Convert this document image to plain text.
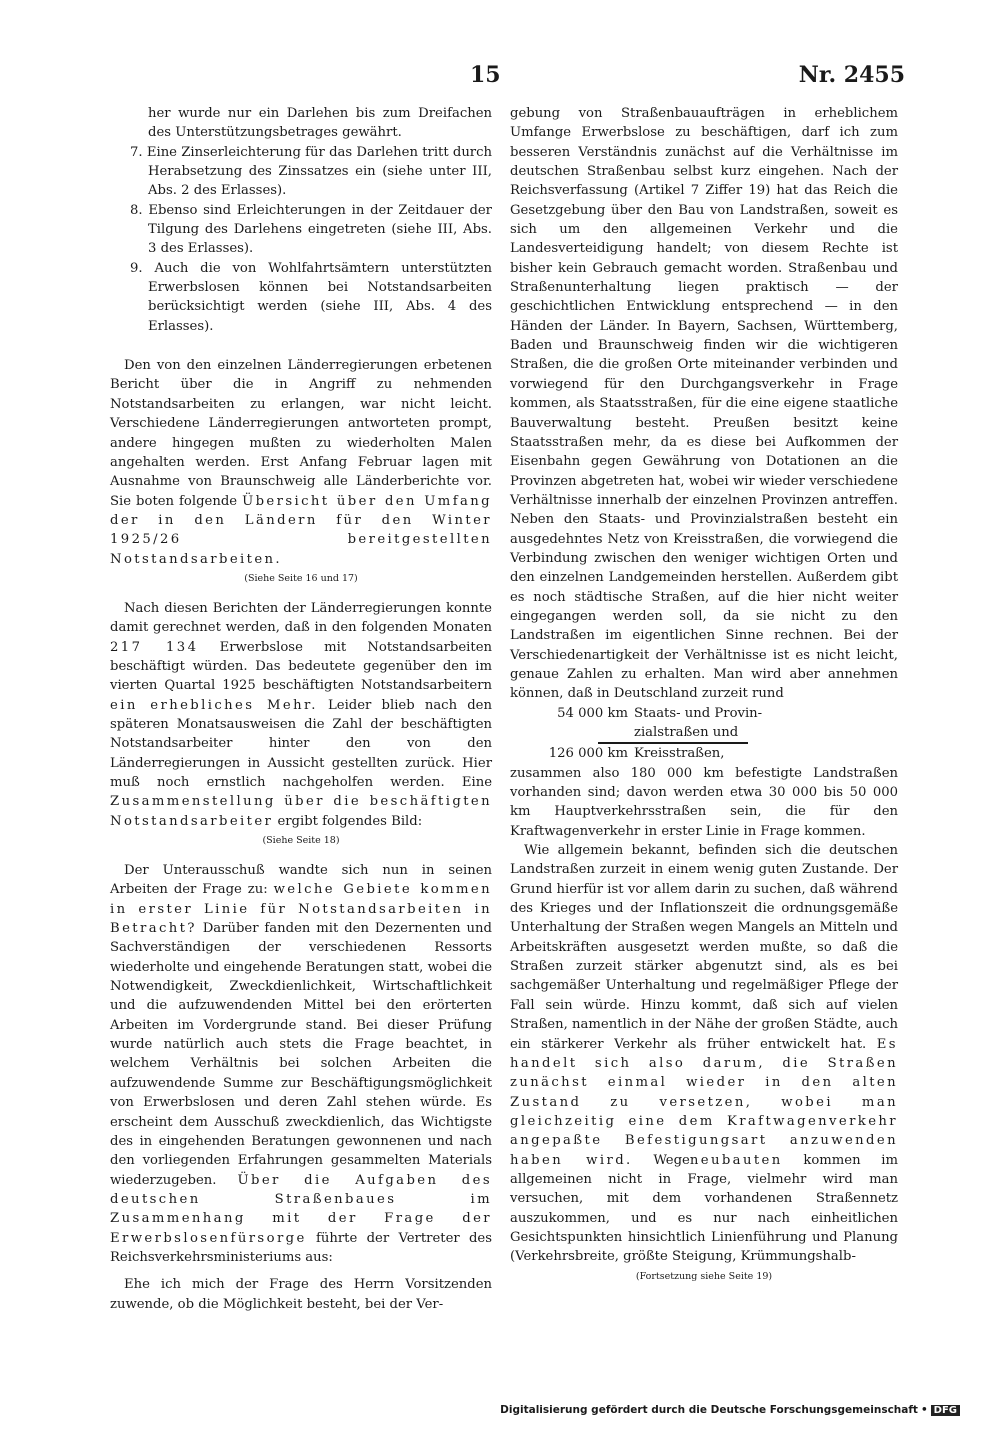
15	Nr. 2455
her wurde nur ein Darlehen bis zum Dreifachen des Unterstützungsbetrages gewährt.
7. Eine Zinserleichterung für das Darlehen tritt durch Herabsetzung des Zinssatzes ein (siehe unter III, Abs. 2 des Erlasses).
8. Ebenso sind Erleichterungen in der Zeitdauer der Tilgung des Darlehens eingetreten (siehe III, Abs. 3 des Erlasses).
9. Auch die von Wohlfahrtsämtern unterstützten Erwerbslosen können bei Notstandsarbeiten berücksichtigt werden (siehe III, Abs. 4 des Erlasses).

Den von den einzelnen Länderregierungen erbetenen Bericht über die in Angriff zu nehmenden Notstandsarbeiten zu erlangen, war nicht leicht. Verschiedene Länderregierungen antworteten prompt, andere hingegen mußten zu wiederholten Malen angehalten werden. Erst Anfang Februar lagen mit Ausnahme von Braunschweig alle Länderberichte vor. Sie boten folgende Übersicht über den Umfang der in den Ländern für den Winter 1925/26 bereitgestellten Notstandsarbeiten.

(Siehe Seite 16 und 17)

Nach diesen Berichten der Länderregierungen konnte damit gerechnet werden, daß in den folgenden Monaten 217 134 Erwerbslose mit Notstandsarbeiten beschäftigt würden. Das bedeutete gegenüber den im vierten Quartal 1925 beschäftigten Notstandsarbeitern ein erhebliches Mehr. Leider blieb nach den späteren Monatsausweisen die Zahl der beschäftigten Notstandsarbeiter hinter den von den Länderregierungen in Aussicht gestellten zurück. Hier muß noch ernstlich nachgeholfen werden. Eine Zusammenstellung über die beschäftigten Notstandsarbeiter ergibt folgendes Bild:

(Siehe Seite 18)

Der Unterausschuß wandte sich nun in seinen Arbeiten der Frage zu: welche Gebiete kommen in erster Linie für Notstandsarbeiten in Betracht? Darüber fanden mit den Dezernenten und Sachverständigen der verschiedenen Ressorts wiederholte und eingehende Beratungen statt, wobei die Notwendigkeit, Zweckdienlichkeit, Wirtschaftlichkeit und die aufzuwendenden Mittel bei den erörterten Arbeiten im Vordergrunde stand. Bei dieser Prüfung wurde natürlich auch stets die Frage beachtet, in welchem Verhältnis bei solchen Arbeiten die aufzuwendende Summe zur Beschäftigungsmöglichkeit von Erwerbslosen und deren Zahl stehen würde. Es erscheint dem Ausschuß zweckdienlich, das Wichtigste des in eingehenden Beratungen gewonnenen und nach den vorliegenden Erfahrungen gesammelten Materials wiederzugeben. Über die Aufgaben des deutschen Straßenbaues im Zusammenhang mit der Frage der Erwerbslosenfürsorge führte der Vertreter des Reichsverkehrsministeriums aus:

Ehe ich mich der Frage des Herrn Vorsitzenden zuwende, ob die Möglichkeit besteht, bei der Ver-

gebung von Straßenbauaufträgen in erheblichem Umfange Erwerbslose zu beschäftigen, darf ich zum besseren Verständnis zunächst auf die Verhältnisse im deutschen Straßenbau selbst kurz eingehen. Nach der Reichsverfassung (Artikel 7 Ziffer 19) hat das Reich die Gesetzgebung über den Bau von Landstraßen, soweit es sich um den allgemeinen Verkehr und die Landesverteidigung handelt; von diesem Rechte ist bisher kein Gebrauch gemacht worden. Straßenbau und Straßenunterhaltung liegen praktisch — der geschichtlichen Entwicklung entsprechend — in den Händen der Länder. In Bayern, Sachsen, Württemberg, Baden und Braunschweig finden wir die wichtigeren Straßen, die die großen Orte miteinander verbinden und vorwiegend für den Durchgangsverkehr in Frage kommen, als Staatsstraßen, für die eine eigene staatliche Bauverwaltung besteht. Preußen besitzt keine Staatsstraßen mehr, da es diese bei Aufkommen der Eisenbahn gegen Gewährung von Dotationen an die Provinzen abgetreten hat, wobei wir wieder verschiedene Verhältnisse innerhalb der einzelnen Provinzen antreffen. Neben den Staats- und Provinzialstraßen besteht ein ausgedehntes Netz von Kreisstraßen, die vorwiegend die Verbindung zwischen den weniger wichtigen Orten und den einzelnen Landgemeinden herstellen. Außerdem gibt es noch städtische Straßen, auf die hier nicht weiter eingegangen werden soll, da sie nicht zu den Landstraßen im eigentlichen Sinne rechnen. Bei der Verschiedenartigkeit der Verhältnisse ist es nicht leicht, genaue Zahlen zu erhalten. Man wird aber annehmen können, daß in Deutschland zurzeit rund

54 000 km Staats- und Provin-
zialstraßen und
126 000 km Kreisstraßen,

zusammen also 180 000 km befestigte Landstraßen vorhanden sind; davon werden etwa 30 000 bis 50 000 km Hauptverkehrsstraßen sein, die für den Kraftwagenverkehr in erster Linie in Frage kommen.

Wie allgemein bekannt, befinden sich die deutschen Landstraßen zurzeit in einem wenig guten Zustande. Der Grund hierfür ist vor allem darin zu suchen, daß während des Krieges und der Inflationszeit die ordnungsgemäße Unterhaltung der Straßen wegen Mangels an Mitteln und Arbeitskräften ausgesetzt werden mußte, so daß die Straßen zurzeit stärker abgenutzt sind, als es bei sachgemäßer Unterhaltung und regelmäßiger Pflege der Fall sein würde. Hinzu kommt, daß sich auf vielen Straßen, namentlich in der Nähe der großen Städte, auch ein stärkerer Verkehr als früher entwickelt hat. Es handelt sich also darum, die Straßen zunächst einmal wieder in den alten Zustand zu versetzen, wobei man gleichzeitig eine dem Kraftwagenverkehr angepaßte Befestigungsart anzuwenden haben wird. Wegeneubauten kommen im allgemeinen nicht in Frage, vielmehr wird man versuchen, mit dem vorhandenen Straßennetz auszukommen, und es nur nach einheitlichen Gesichtspunkten hinsichtlich Linienführung und Planung (Verkehrsbreite, größte Steigung, Krümmungshalb-

(Fortsetzung siehe Seite 19)
Digitalisierung gefördert durch die Deutsche Forschungsgemeinschaft • DFG
